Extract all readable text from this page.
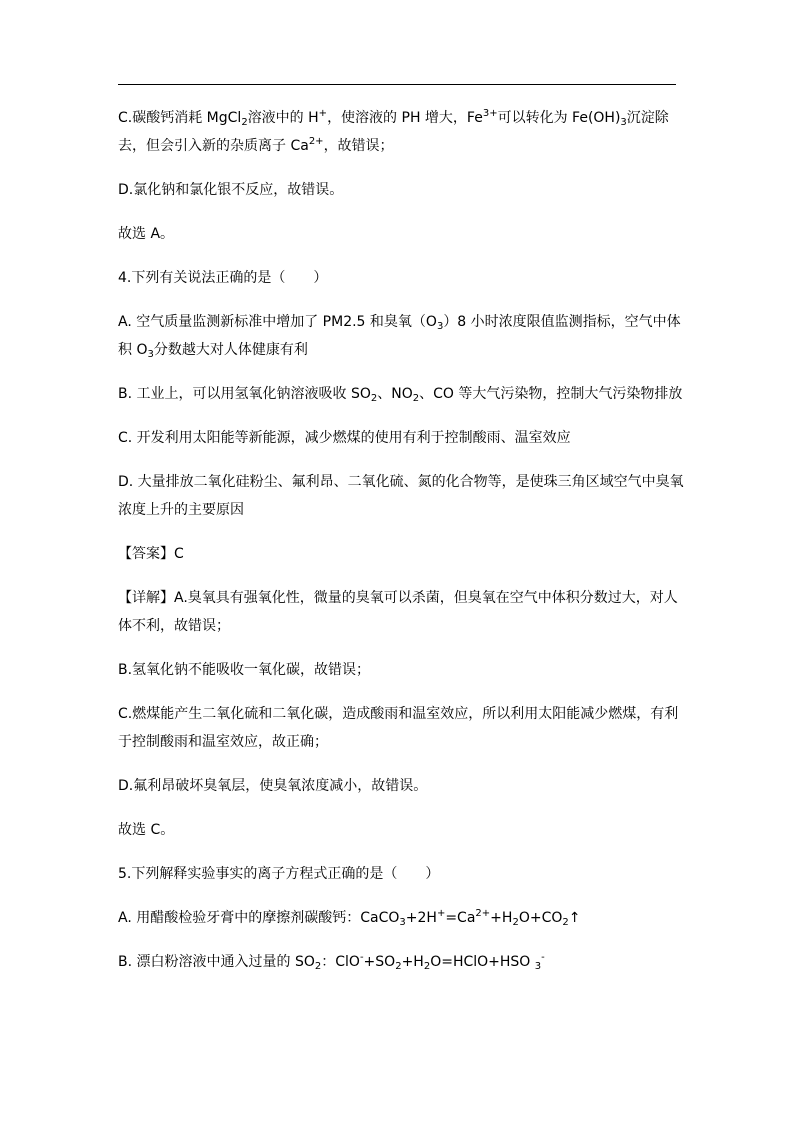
C.碳酸钙消耗 MgCl$_2$溶液中的 H+，使溶液的 PH 增大，$Fe^{3+}$可以转化为 $Fe(OH)_3$沉淀除去，但会引入新的杂质离子 $Ca^{2+}$，故错误；

D.氯化钠和氯化银不反应，故错误。

故选 A。

4.下列有关说法正确的是（　　）

A. 空气质量监测新标准中增加了 PM2.5 和臭氧$(O_3)8$ 小时浓度限值监测指标，空气中体积 $O_3$分数越大对人体健康有利

B. 工业上，可以用氢氧化钠溶液吸收 $SO_2$、$NO_2$、CO 等大气污染物，控制大气污染物排放

C. 开发利用太阳能等新能源，减少燃煤的使用有利于控制酸雨、温室效应

D. 大量排放二氧化硅粉尘、氟利昂、二氧化硫、氮的化合物等，是使珠三角区域空气中臭氧浓度上升的主要原因

【答案】C

【详解】A.臭氧具有强氧化性，微量的臭氧可以杀菌，但臭氧在空气中体积分数过大，对人体不利，故错误；

B.氢氧化钠不能吸收一氧化碳，故错误；

C.燃煤能产生二氧化硫和二氧化碳，造成酸雨和温室效应，所以利用太阳能减少燃煤，有利于控制酸雨和温室效应，故正确；

D.氟利昂破坏臭氧层，使臭氧浓度减小，故错误。

故选 C。

5.下列解释实验事实的离子方程式正确的是（　　）

A. 用醋酸检验牙膏中的摩擦剂碳酸钙：$CaCO_3+2H^+=Ca^{2+}+H_2O+CO_2↑$

B. 漂白粉溶液中通入过量的 $SO_2$：$ClO^-+SO_2+H_2O=HClO+HSO$ $_3$-
